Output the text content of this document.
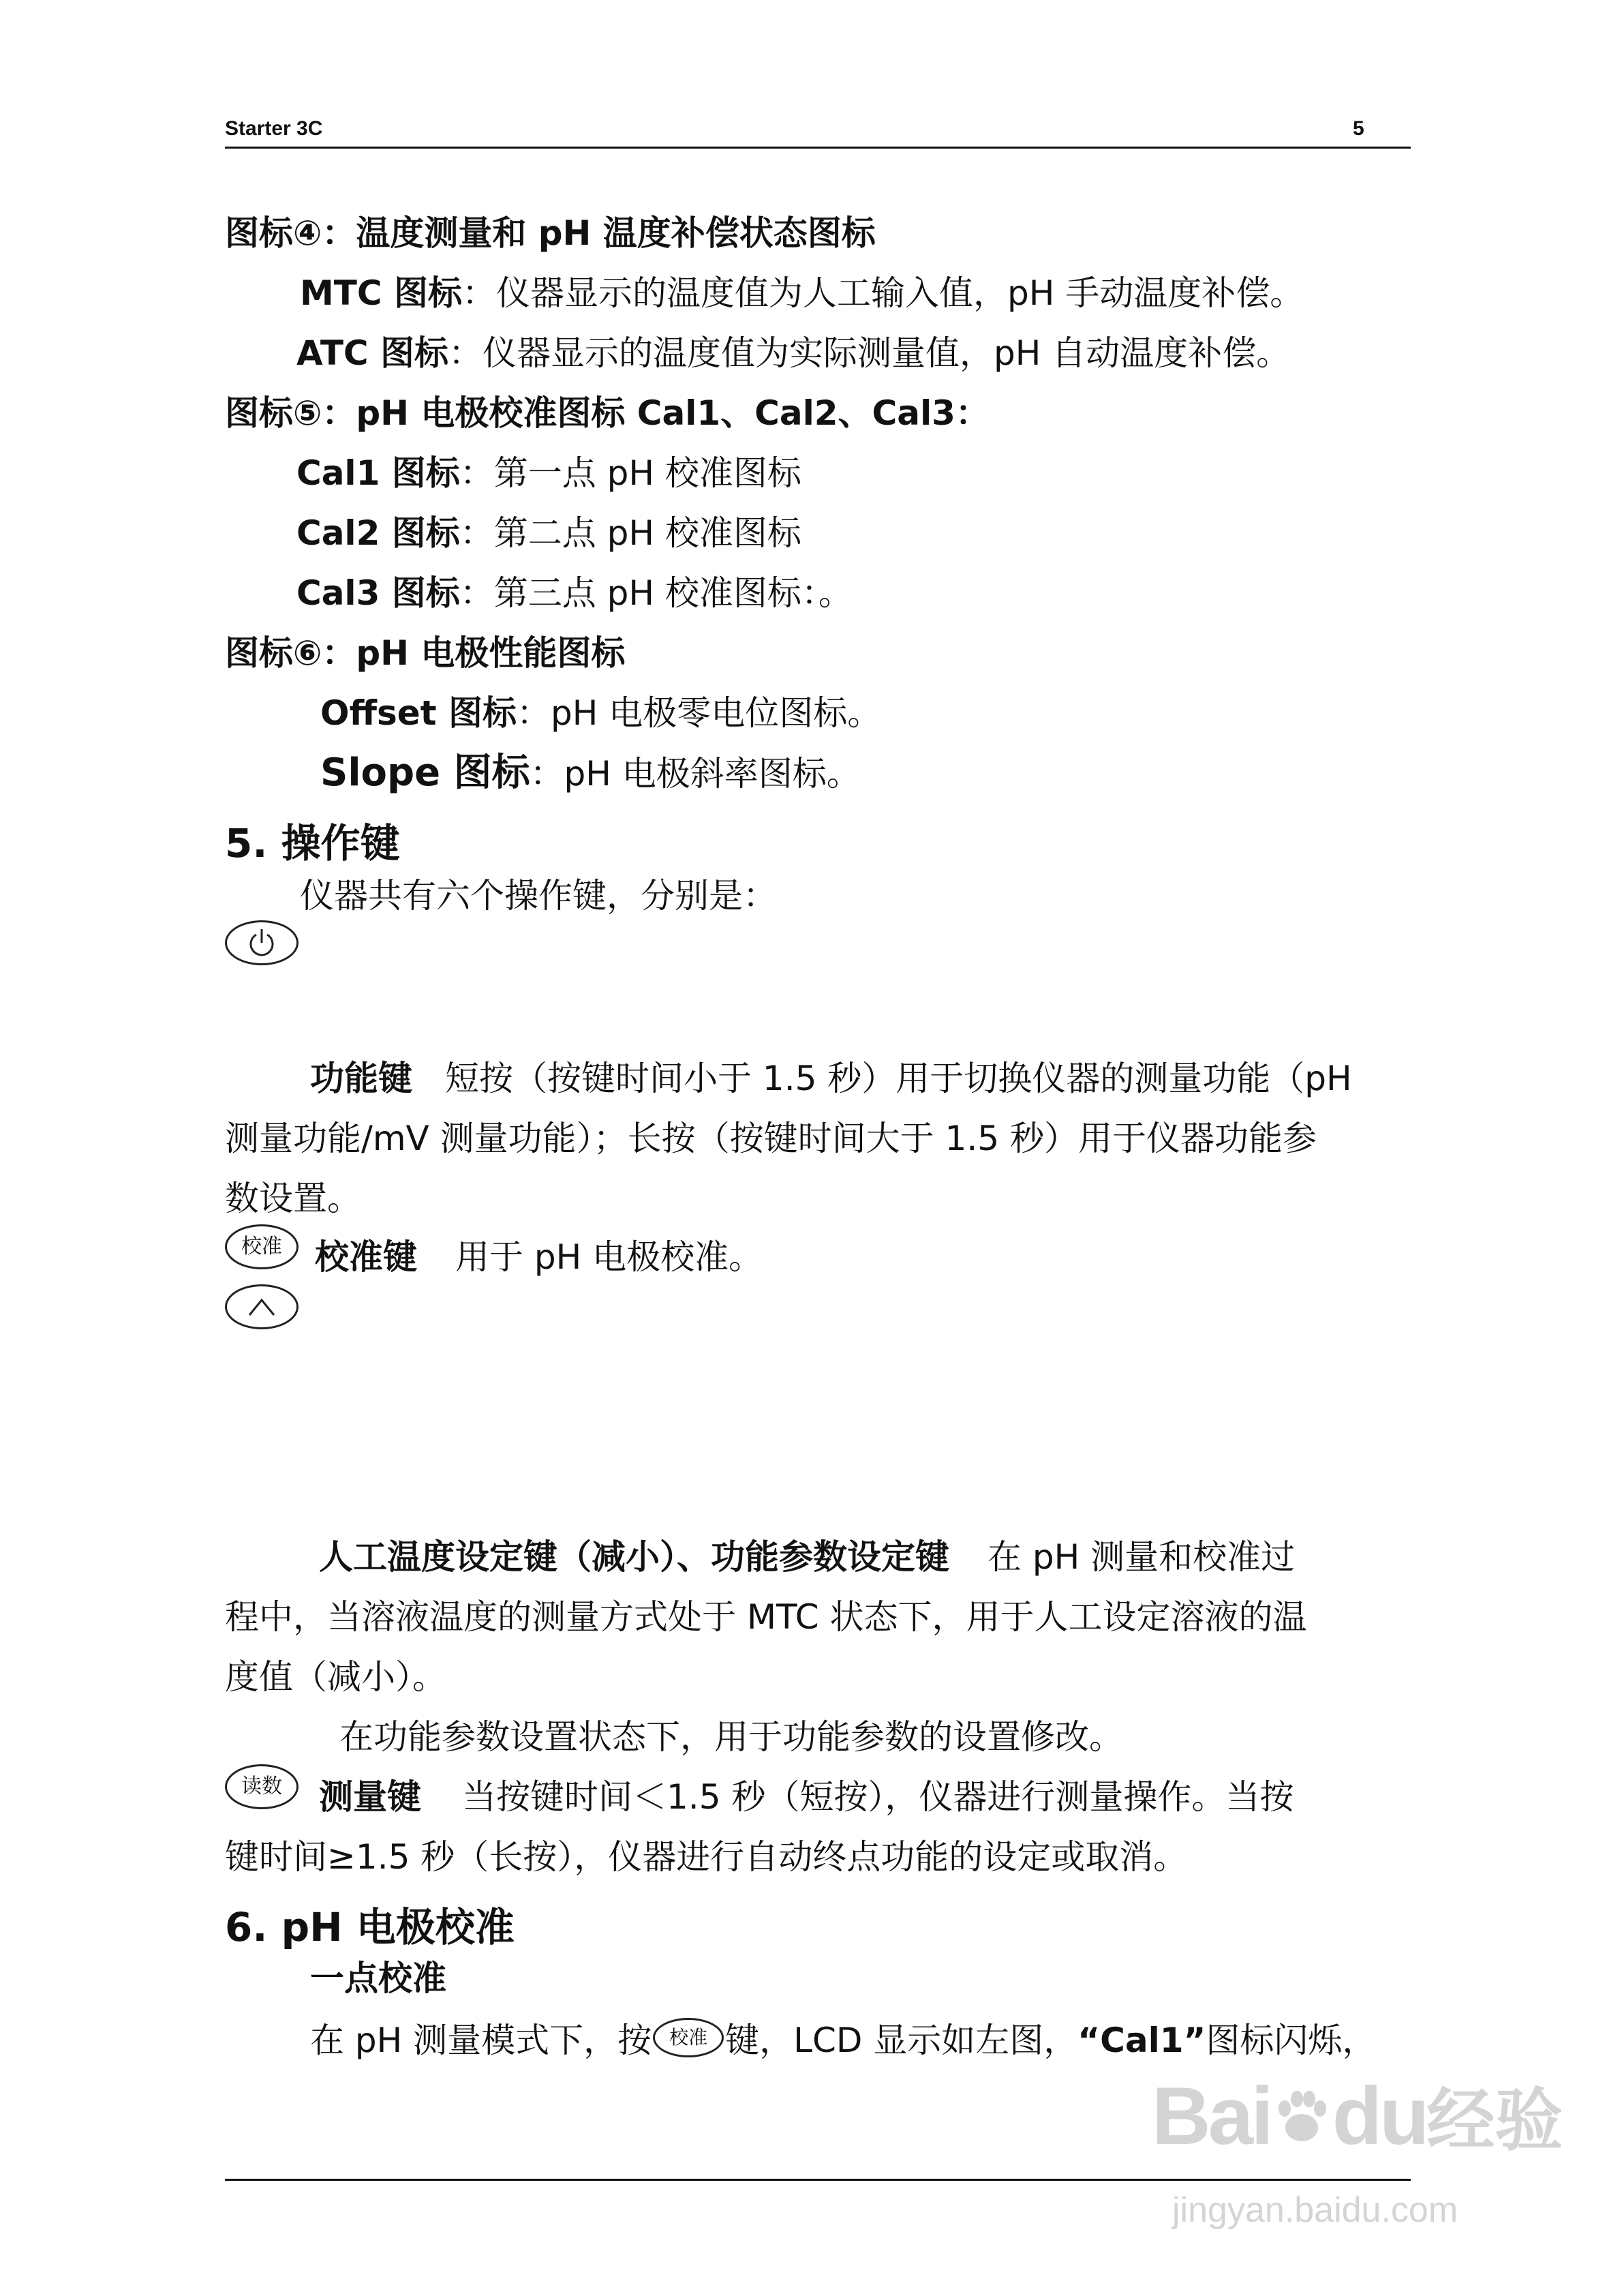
Starter 3C	5
图标④：温度测量和 pH 温度补偿状态图标
MTC 图标：仪器显示的温度值为人工输入值，pH 手动温度补偿。
ATC 图标：仪器显示的温度值为实际测量值，pH 自动温度补偿。
图标⑤：pH 电极校准图标 Cal1、Cal2、Cal3：
Cal1 图标：第一点 pH 校准图标
Cal2 图标：第二点 pH 校准图标
Cal3 图标：第三点 pH 校准图标：。
图标⑥：pH 电极性能图标
Offset 图标：pH 电极零电位图标。
Slope 图标：pH 电极斜率图标。
5. 操作键
仪器共有六个操作键，分别是：
功能键 短按（按键时间小于 1.5 秒）用于切换仪器的测量功能（pH
测量功能/mV 测量功能）；长按（按键时间大于 1.5 秒）用于仪器功能参
数设置。
校准 校准键 用于 pH 电极校准。
人工温度设定键（减小）、功能参数设定键 在 pH 测量和校准过
程中，当溶液温度的测量方式处于 MTC 状态下，用于人工设定溶液的温
度值（减小）。
在功能参数设置状态下，用于功能参数的设置修改。
读数 测量键 当按键时间＜1.5 秒（短按），仪器进行测量操作。当按
键时间≥1.5 秒（长按），仪器进行自动终点功能的设定或取消。
6. pH 电极校准
一点校准
在 pH 测量模式下，按 校准 键，LCD 显示如左图，“Cal1”图标闪烁，
Bai du经验
jingyan.baidu.com
